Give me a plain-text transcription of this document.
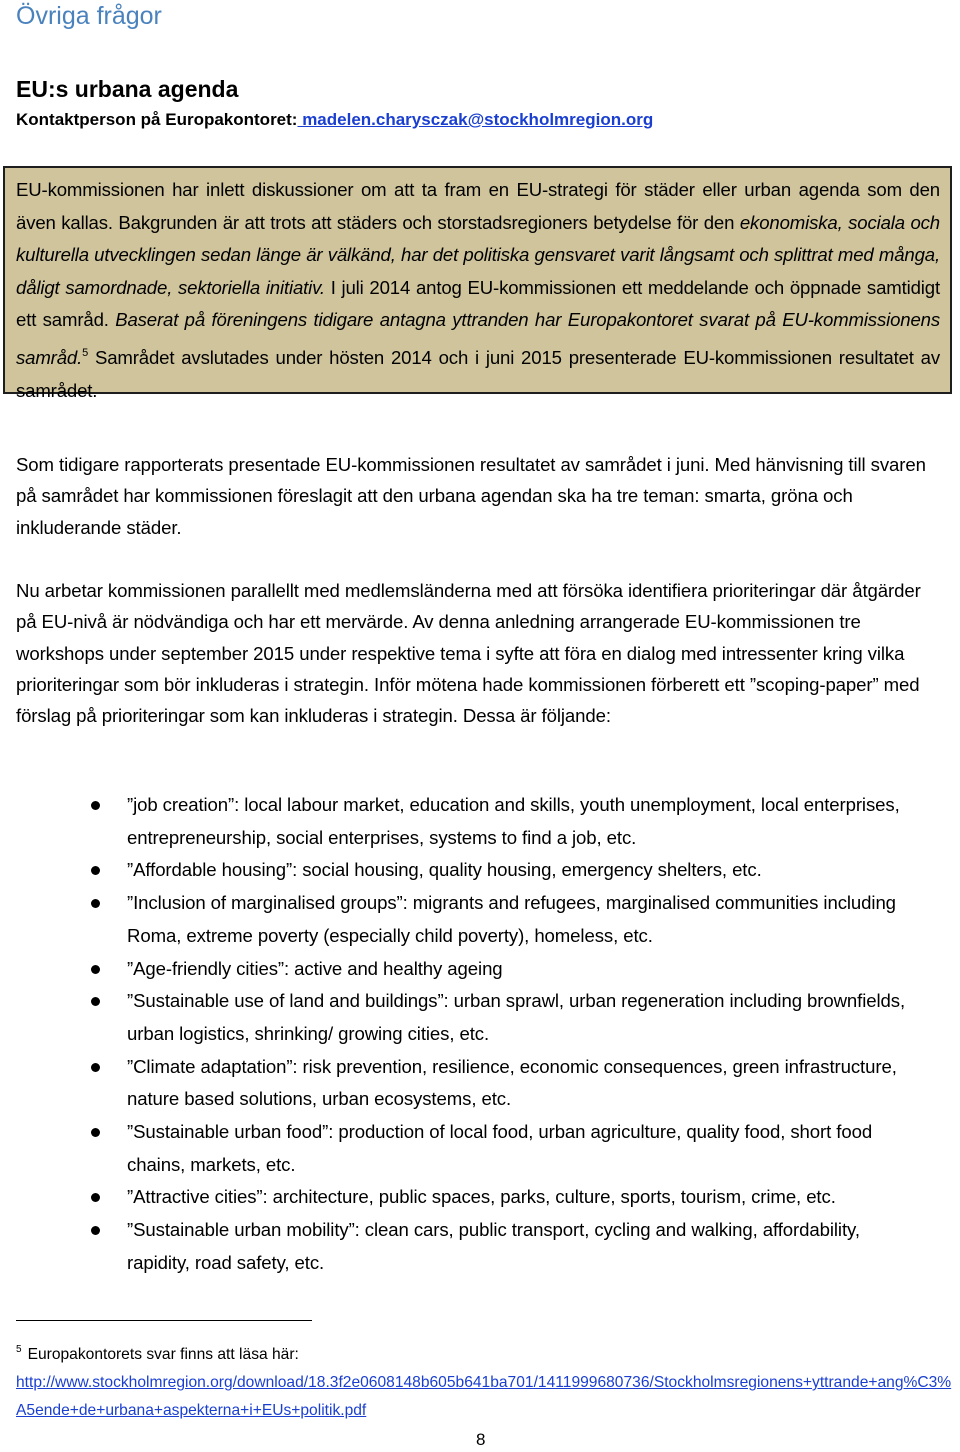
Övriga frågor
EU:s urbana agenda
Kontaktperson på Europakontoret: madelen.charysczak@stockholmregion.org

EU-kommissionen har inlett diskussioner om att ta fram en EU-strategi för städer eller urban agenda som den även kallas. Bakgrunden är att trots att städers och storstadsregioners betydelse för den ekonomiska, sociala och kulturella utvecklingen sedan länge är välkänd, har det politiska gensvaret varit långsamt och splittrat med många, dåligt samordnade, sektoriella initiativ. I juli 2014 antog EU-kommissionen ett meddelande och öppnade samtidigt ett samråd. Baserat på föreningens tidigare antagna yttranden har Europakontoret svarat på EU-kommissionens samråd.$^5$ Samrådet avslutades under hösten 2014 och i juni 2015 presenterade EU-kommissionen resultatet av samrådet.

Som tidigare rapporterats presentade EU-kommissionen resultatet av samrådet i juni. Med hänvisning till svaren på samrådet har kommissionen föreslagit att den urbana agendan ska ha tre teman: smarta, gröna och inkluderande städer.

Nu arbetar kommissionen parallellt med medlemsländerna med att försöka identifiera prioriteringar där åtgärder på EU-nivå är nödvändiga och har ett mervärde. Av denna anledning arrangerade EU-kommissionen tre workshops under september 2015 under respektive tema i syfte att föra en dialog med intressenter kring vilka prioriteringar som bör inkluderas i strategin. Inför mötena hade kommissionen förberett ett ”scoping-paper” med förslag på prioriteringar som kan inkluderas i strategin. Dessa är följande:

”job creation”: local labour market, education and skills, youth unemployment, local enterprises, entrepreneurship, social enterprises, systems to find a job, etc.
”Affordable housing”: social housing, quality housing, emergency shelters, etc.
”Inclusion of marginalised groups”: migrants and refugees, marginalised communities including Roma, extreme poverty (especially child poverty), homeless, etc.
”Age-friendly cities”: active and healthy ageing
”Sustainable use of land and buildings”: urban sprawl, urban regeneration including brownfields, urban logistics, shrinking/ growing cities, etc.
”Climate adaptation”: risk prevention, resilience, economic consequences, green infrastructure, nature based solutions, urban ecosystems, etc.
”Sustainable urban food”: production of local food, urban agriculture, quality food, short food chains, markets, etc.
”Attractive cities”: architecture, public spaces, parks, culture, sports, tourism, crime, etc.
”Sustainable urban mobility”: clean cars, public transport, cycling and walking, affordability, rapidity, road safety, etc.
$^5$ Europakontorets svar finns att läsa här:
http://www.stockholmregion.org/download/18.3f2e0608148b605b641ba701/1411999680736/Stockholmsregionens+yttrande+ang%C3%A5ende+de+urbana+aspekterna+i+EUs+politik.pdf
8
